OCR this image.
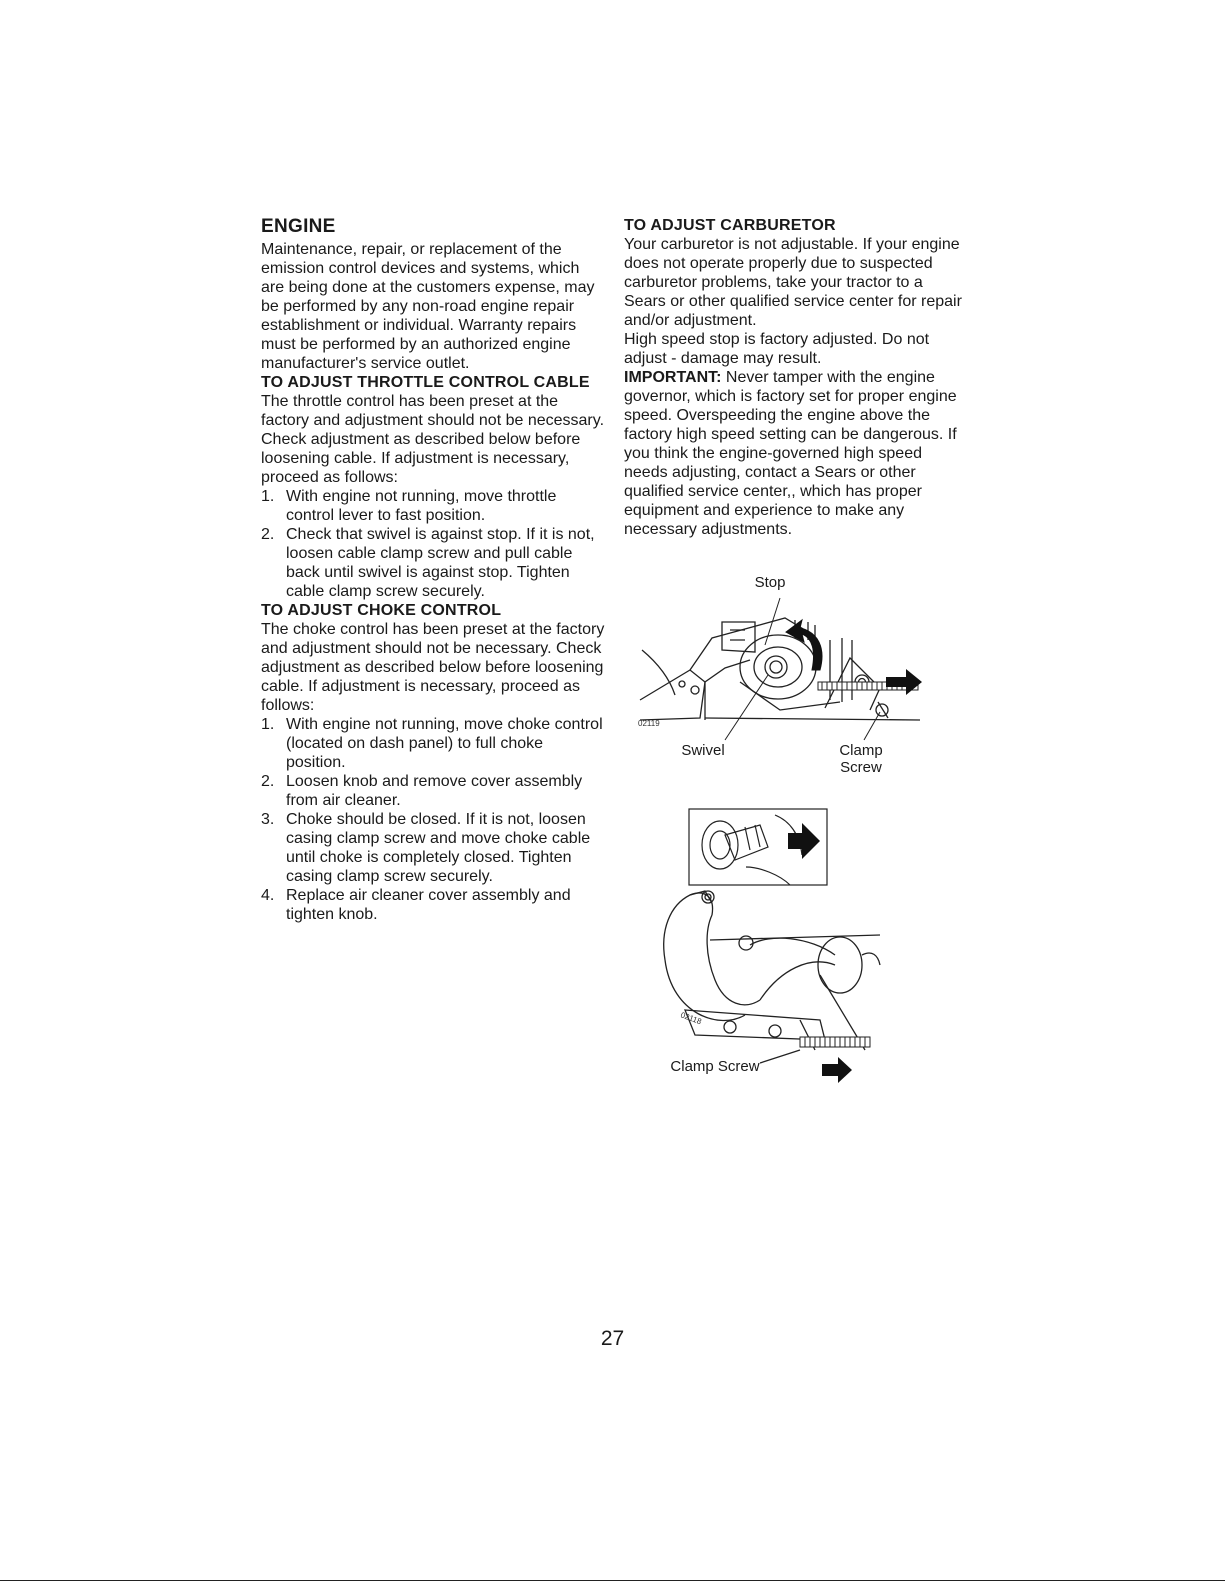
ENGINE

Maintenance, repair, or replacement of the emission control devices and systems, which are being done at the customers expense, may be performed by any non-road engine repair establishment or individual. Warranty repairs must be performed by an authorized engine manufacturer's service outlet.

TO ADJUST THROTTLE CONTROL CABLE

The throttle control has been preset at the factory and adjustment should not be necessary. Check adjustment as described below before loosening cable. If adjustment is necessary, proceed as follows:

1. With engine not running, move throttle control lever to fast position.
2. Check that swivel is against stop. If it is not, loosen cable clamp screw and pull cable back until swivel is against stop. Tighten cable clamp screw securely.
TO ADJUST CHOKE CONTROL

The choke control has been preset at the factory and adjustment should not be necessary. Check adjustment as described below before loosening cable. If adjustment is necessary, proceed as follows:

1. With engine not running, move choke control (located on dash panel) to full choke position.
2. Loosen knob and remove cover assembly from air cleaner.
3. Choke should be closed. If it is not, loosen casing clamp screw and move choke cable until choke is completely closed. Tighten casing clamp screw securely.
4. Replace air cleaner cover assembly and tighten knob.
TO ADJUST CARBURETOR

Your carburetor is not adjustable. If your engine does not operate properly due to suspected carburetor problems, take your tractor to a Sears or other qualified service center for repair and/or adjustment.

High speed stop is factory adjusted. Do not adjust - damage may result.

IMPORTANT: Never tamper with the engine governor, which is factory set for proper engine speed. Overspeeding the engine above the factory high speed setting can be dangerous. If you think the engine-governed high speed needs adjusting, contact a Sears or other qualified service center,, which has proper equipment and experience to make any necessary adjustments.

02119
Stop
Swivel	Clamp Screw
02118
Clamp Screw
27
